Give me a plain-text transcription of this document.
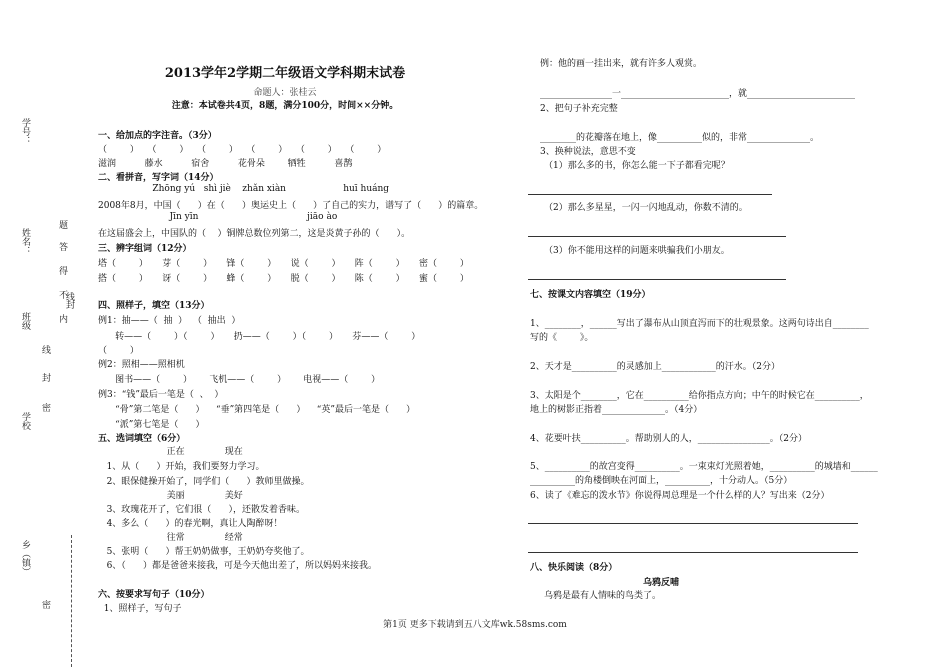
学号：
姓名：
题
答
得
不
封
线
内
班级
线
封
密
学校
乡（镇）
密
2013学年2学期二年级语文学科期末试卷
命题人：张桂云
注意：本试卷共4页，8题，满分100分，时间××分钟。
一、给加点的字注音。（3分）
（        ）   （        ）   （        ）   （        ）   （        ）   （        ）
滋润          藤水          宿舍          花骨朵        牺牲          喜鹊
二、看拼音，写字词（14分）
Zhōng yú   shì jiè    zhǎn xiàn                    huī huáng
2008年8月，中国（      ）在（      ）奥运史上（      ）了自己的实力，谱写了（      ）的篇章。
Jīn yīn                                      jiāo ào
在这届盛会上，中国队的（    ）铜牌总数位列第二，这是炎黄子孙的（      ）。
三、辨字组词（12分）
塔（        ）     芽（        ）     锋（        ）     说（        ）     阵（        ）     密（        ）
搭（        ）     讶（        ）     蜂（        ）     脱（        ）     陈（        ）     蜜（        ）
四、照样子，填空（13分）
例1：抽——（  抽  ）  （  抽出  ）
转——（        ）（        ）     扔——（        ）（        ）     芬——（        ）
（        ）
例2：照相——照相机
图书——（        ）      飞机——（        ）      电视——（        ）
例3：“钱”最后一笔是（  、  ）
“骨”第二笔是（      ）    “垂”第四笔是（      ）    “英”最后一笔是（      ）
“派”第七笔是（      ）
五、选词填空（6分）
正在              现在
1、从（      ）开始，我们要努力学习。
2、眼保健操开始了，同学们（      ）教师里做操。
美丽              美好
3、玫瑰花开了，它们很（      ），还散发着香味。
4、多么（      ）的春光啊，真让人陶醉呀！
往常              经常
5、张明（      ）帮王奶奶做事，王奶奶夸奖他了。
6、（      ）都是爸爸来接我，可是今天他出差了，所以妈妈来接我。
六、按要求写句子（10分）
1、照样子，写句子
例：他的画一挂出来，就有许多人观赏。
________________一________________________，就________________________
2、把句子补充完整
________的花瓣落在地上，像__________似的，非常______________。
3、换种说法，意思不变
（1）那么多的书，你怎么能一下子都看完呢？
（2）那么多星星，一闪一闪地乱动，你数不清的。
（3）你不能用这样的问题来哄骗我们小朋友。
七、按课文内容填空（19分）
1、________，______写出了瀑布从山顶直泻而下的壮观景象。这两句诗出自________
写的《        》。
2、天才是__________的灵感加上____________的汗水。（2分）
3、太阳是个________，它在__________给你指点方向；中午的时候它在__________，
地上的树影正指着______________。（4分）
4、花要叶扶__________。帮助别人的人，________________。（2分）
5、__________的故宫变得__________。一束束灯光照着她，__________的城墙和______
__________的角楼倒映在河面上，__________，十分动人。（5分）
6、读了《难忘的泼水节》你说得周总理是一个什么样的人？写出来（2分）
八、快乐阅读（8分）
乌鸦反哺
乌鸦是最有人情味的鸟类了。
第1页 更多下载请到五八文库wk.58sms.com
